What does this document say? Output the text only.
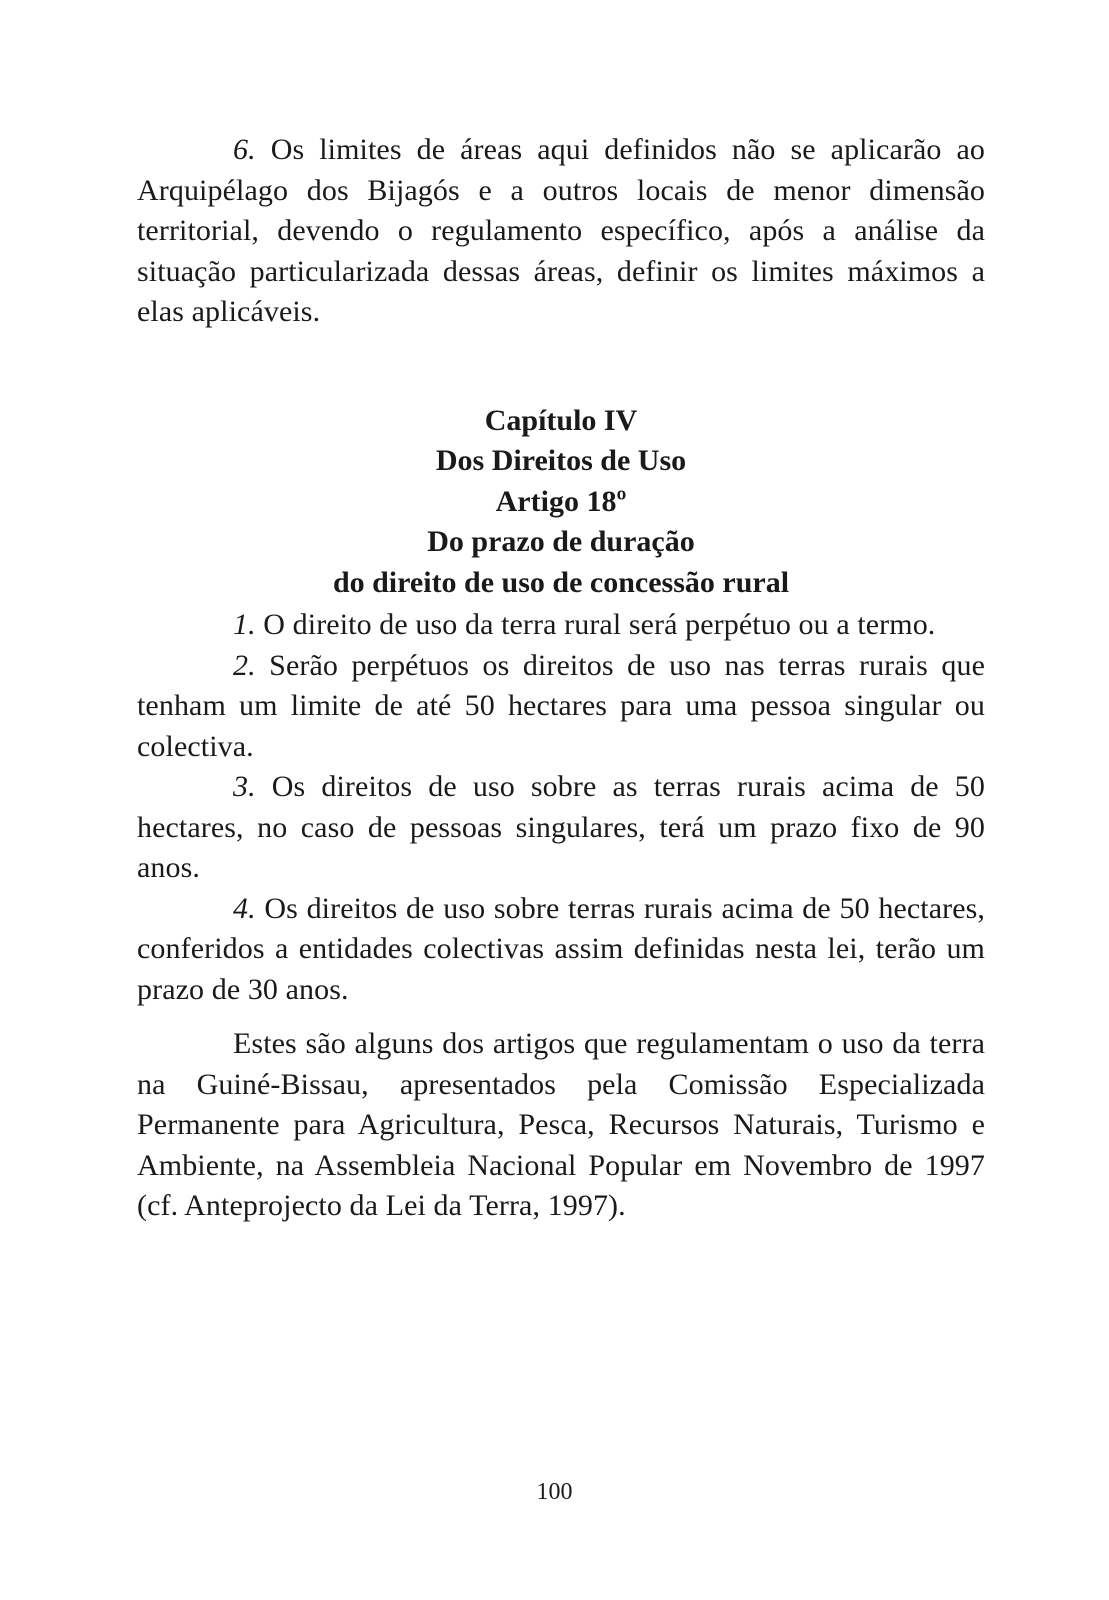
6. Os limites de áreas aqui definidos não se aplicarão ao Arquipélago dos Bijagós e a outros locais de menor dimensão territorial, devendo o regulamento específico, após a análise da situação particularizada dessas áreas, definir os limites máximos a elas aplicáveis.

Capítulo IV
Dos Direitos de Uso
Artigo 18º
Do prazo de duração
do direito de uso de concessão rural

1. O direito de uso da terra rural será perpétuo ou a termo.

2. Serão perpétuos os direitos de uso nas terras rurais que tenham um limite de até 50 hectares para uma pessoa singular ou colectiva.

3. Os direitos de uso sobre as terras rurais acima de 50 hectares, no caso de pessoas singulares, terá um prazo fixo de 90 anos.

4. Os direitos de uso sobre terras rurais acima de 50 hectares, conferidos a entidades colectivas assim definidas nesta lei, terão um prazo de 30 anos.

Estes são alguns dos artigos que regulamentam o uso da terra na Guiné-Bissau, apresentados pela Comissão Especializada Permanente para Agricultura, Pesca, Recursos Naturais, Turismo e Ambiente, na Assembleia Nacional Popular em Novembro de 1997 (cf. Anteprojecto da Lei da Terra, 1997).

100
